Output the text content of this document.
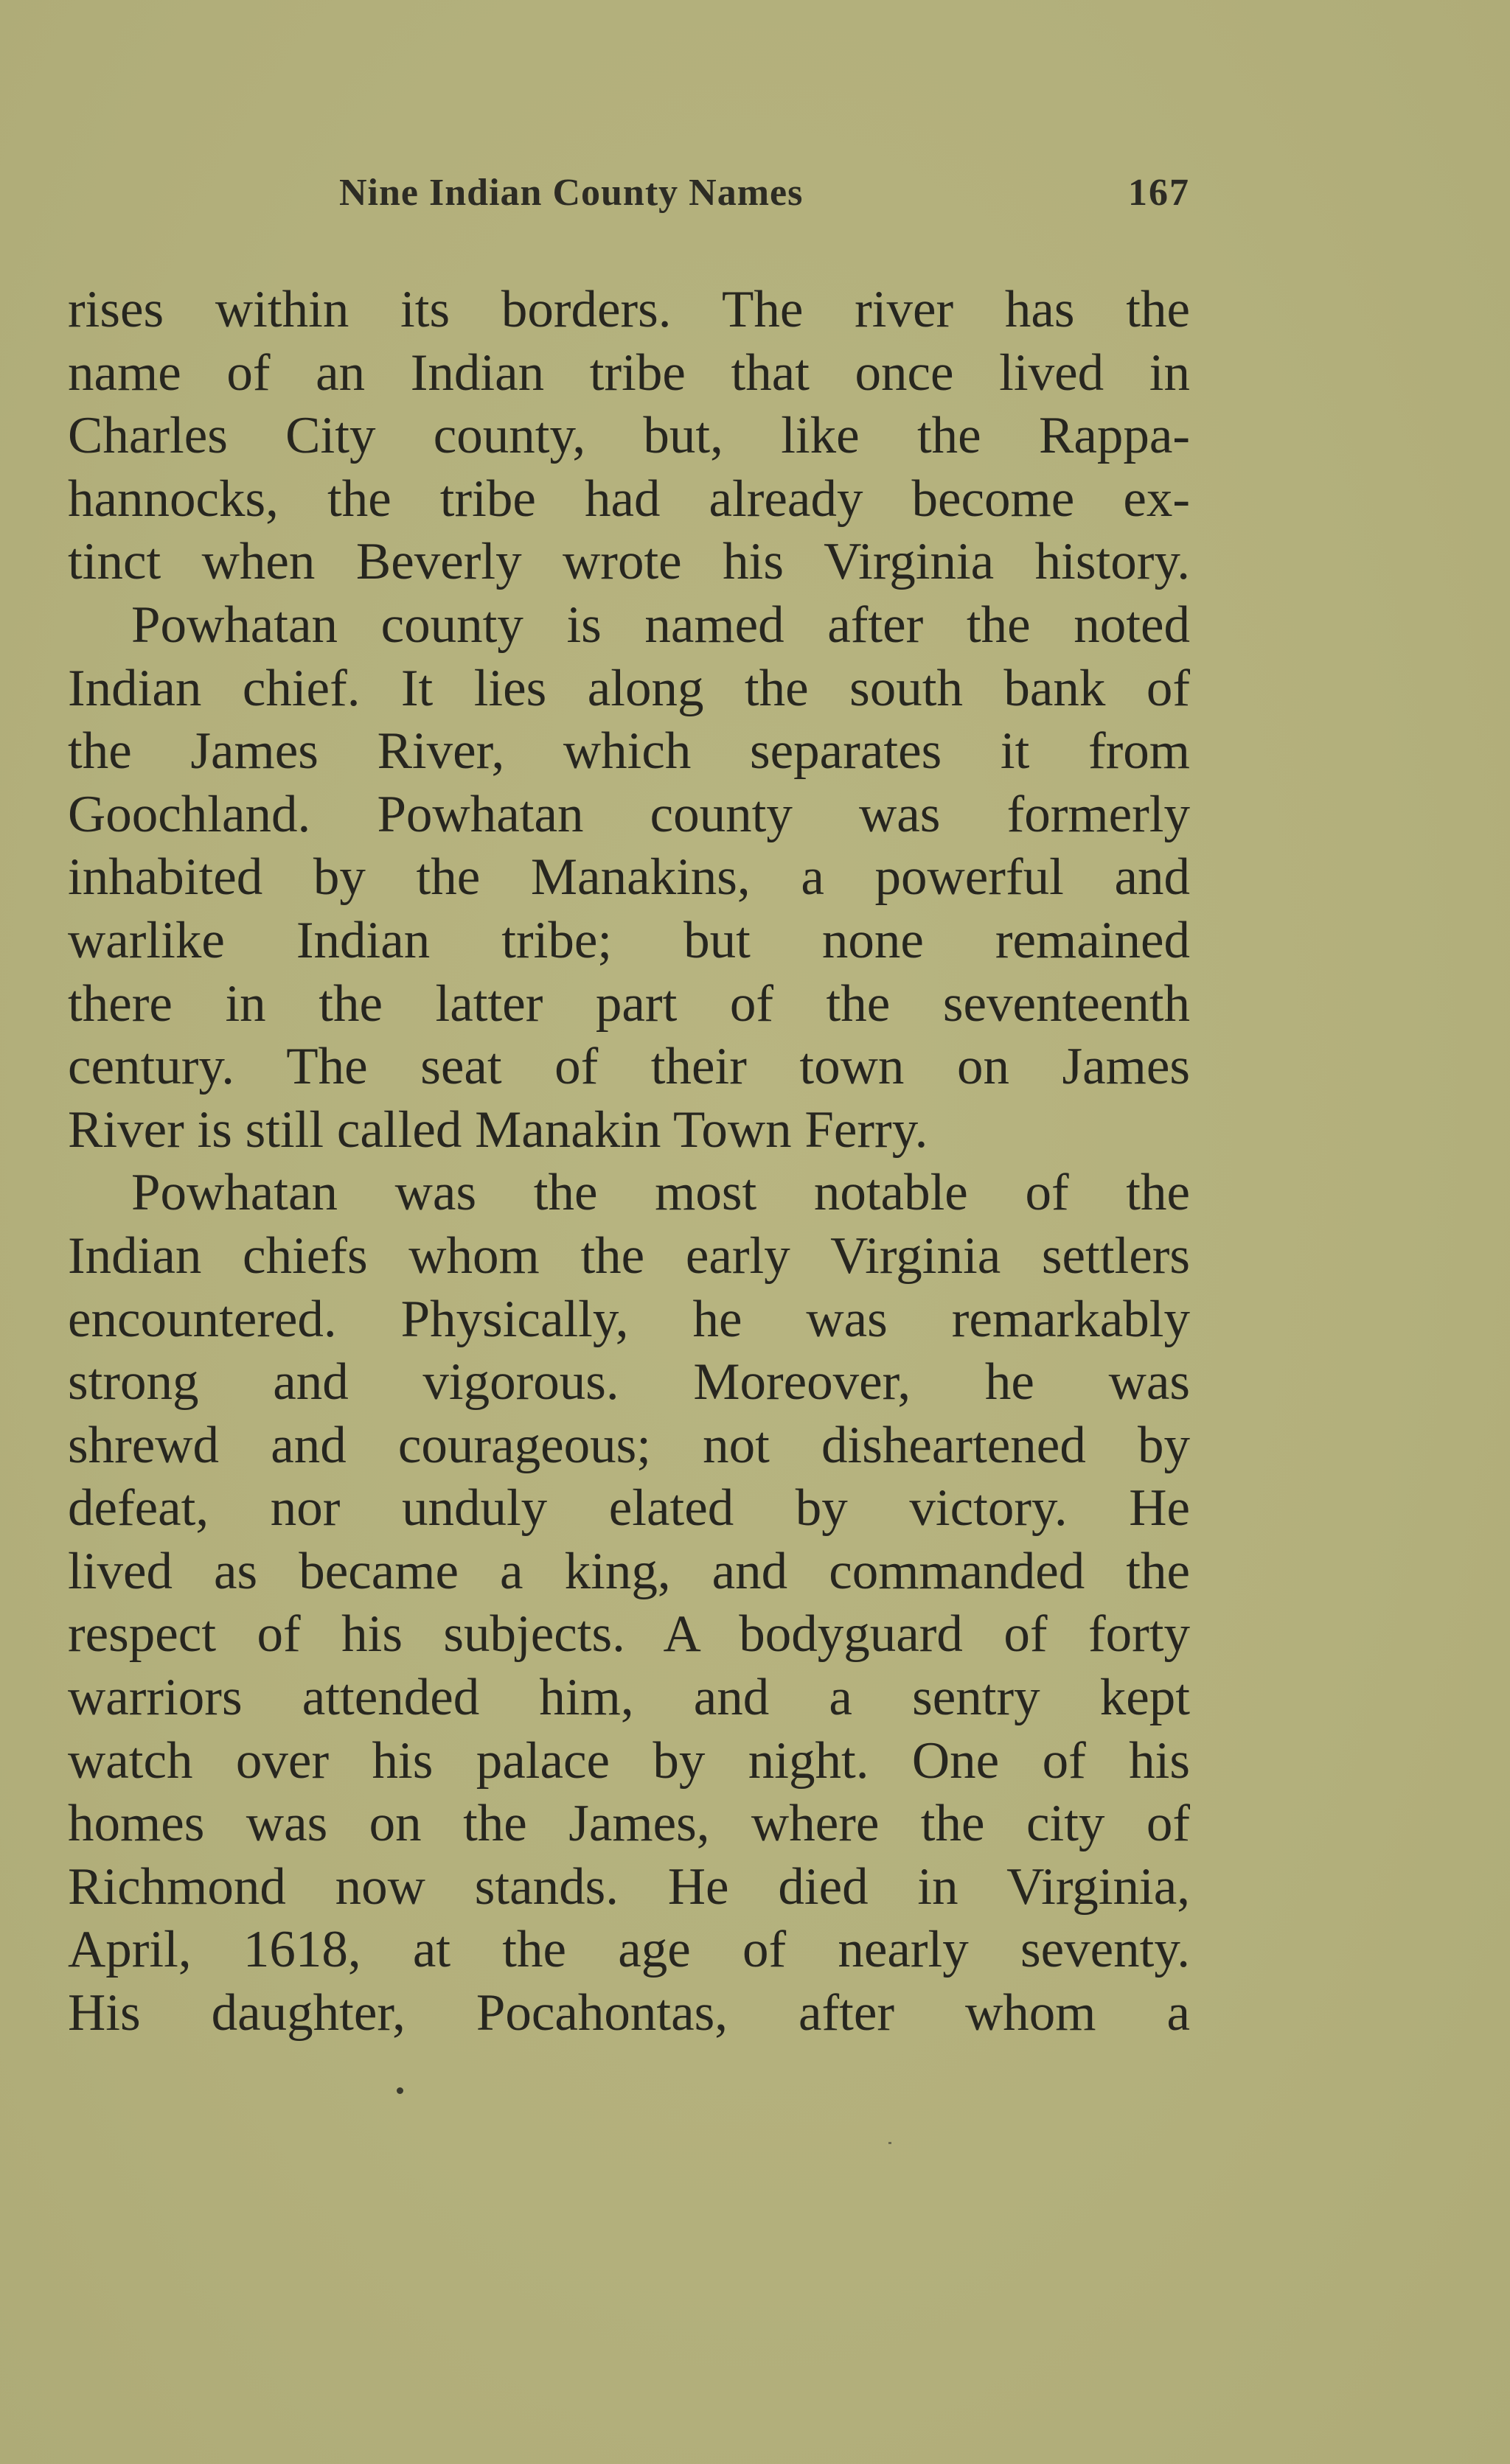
Nine Indian County Names	167
rises within its borders. The river has the
name of an Indian tribe that once lived in
Charles City county, but, like the Rappa-
hannocks, the tribe had already become ex-
tinct when Beverly wrote his Virginia history.
Powhatan county is named after the noted
Indian chief. It lies along the south bank of
the James River, which separates it from
Goochland. Powhatan county was formerly
inhabited by the Manakins, a powerful and
warlike Indian tribe; but none remained
there in the latter part of the seventeenth
century. The seat of their town on James
River is still called Manakin Town Ferry.
Powhatan was the most notable of the
Indian chiefs whom the early Virginia settlers
encountered. Physically, he was remarkably
strong and vigorous. Moreover, he was
shrewd and courageous; not disheartened by
defeat, nor unduly elated by victory. He
lived as became a king, and commanded the
respect of his subjects. A bodyguard of forty
warriors attended him, and a sentry kept
watch over his palace by night. One of his
homes was on the James, where the city of
Richmond now stands. He died in Virginia,
April, 1618, at the age of nearly seventy.
His daughter, Pocahontas, after whom a
